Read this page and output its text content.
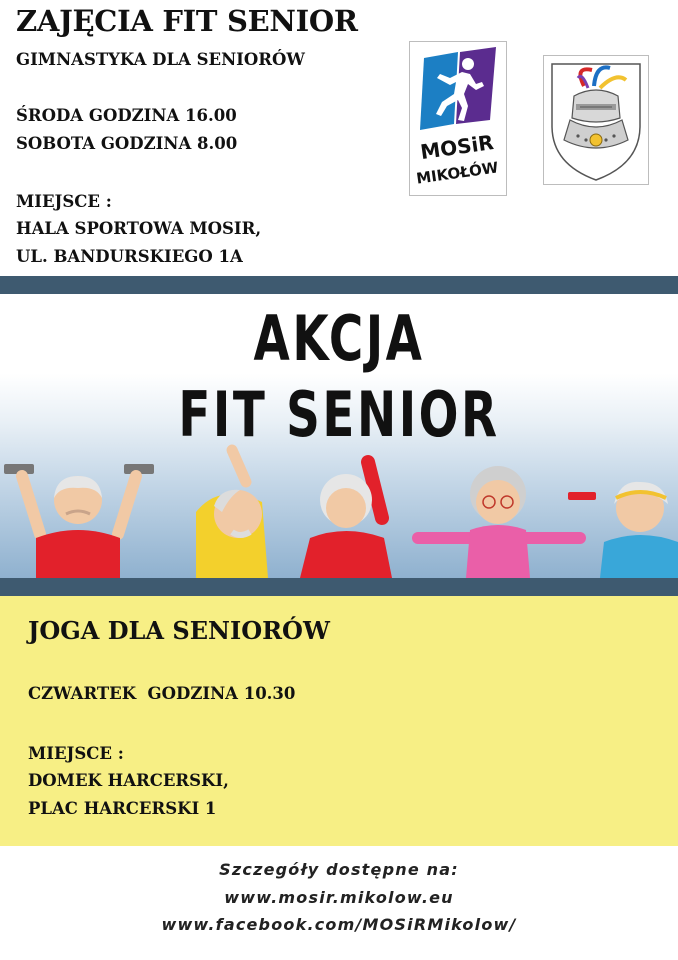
ZAJĘCIA FIT SENIOR
GIMNASTYKA DLA SENIORÓW
ŚRODA GODZINA 16.00
SOBOTA GODZINA 8.00
MIEJSCE :
HALA SPORTOWA MOSIR,
UL. BANDURSKIEGO 1A
MOSiR
MIKOŁÓW
AKCJA
FIT SENIOR
JOGA DLA SENIORÓW
CZWARTEK  GODZINA 10.30
MIEJSCE :
DOMEK HARCERSKI,
PLAC HARCERSKI 1
Szczegóły dostępne na:
www.mosir.mikolow.eu
www.facebook.com/MOSiRMikolow/
